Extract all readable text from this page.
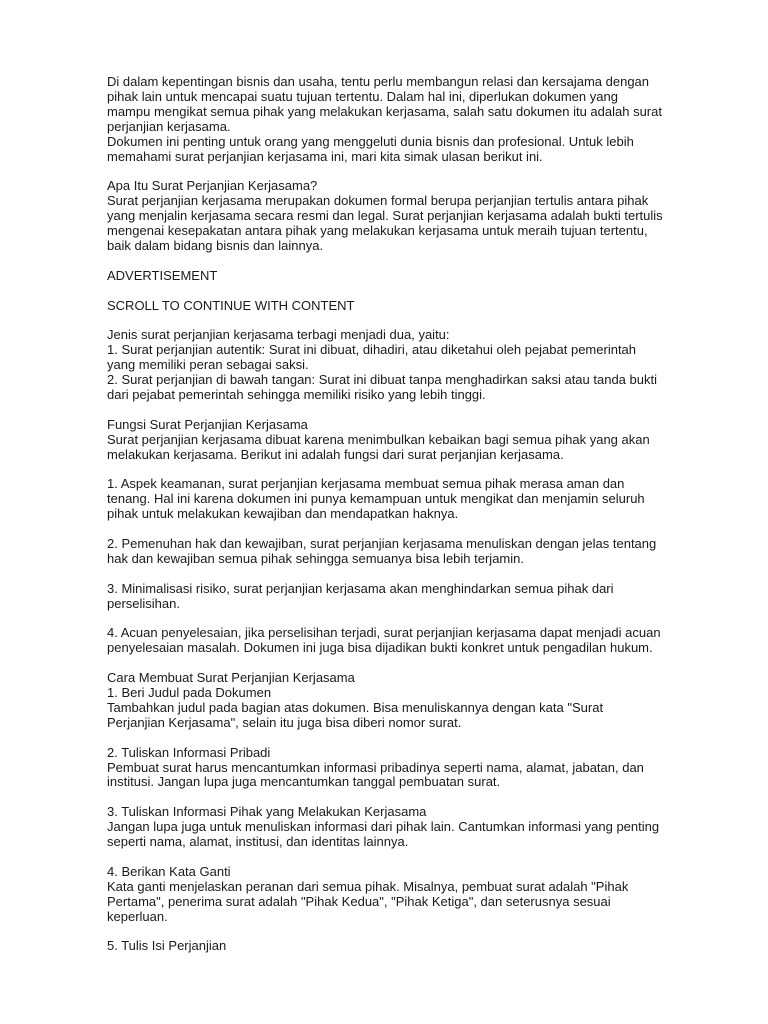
Di dalam kepentingan bisnis dan usaha, tentu perlu membangun relasi dan kersajama dengan
pihak lain untuk mencapai suatu tujuan tertentu. Dalam hal ini, diperlukan dokumen yang
mampu mengikat semua pihak yang melakukan kerjasama, salah satu dokumen itu adalah surat
perjanjian kerjasama.
Dokumen ini penting untuk orang yang menggeluti dunia bisnis dan profesional. Untuk lebih
memahami surat perjanjian kerjasama ini, mari kita simak ulasan berikut ini.
Apa Itu Surat Perjanjian Kerjasama?
Surat perjanjian kerjasama merupakan dokumen formal berupa perjanjian tertulis antara pihak
yang menjalin kerjasama secara resmi dan legal. Surat perjanjian kerjasama adalah bukti tertulis
mengenai kesepakatan antara pihak yang melakukan kerjasama untuk meraih tujuan tertentu,
baik dalam bidang bisnis dan lainnya.
ADVERTISEMENT
SCROLL TO CONTINUE WITH CONTENT
Jenis surat perjanjian kerjasama terbagi menjadi dua, yaitu:
1. Surat perjanjian autentik: Surat ini dibuat, dihadiri, atau diketahui oleh pejabat pemerintah
yang memiliki peran sebagai saksi.
2. Surat perjanjian di bawah tangan: Surat ini dibuat tanpa menghadirkan saksi atau tanda bukti
dari pejabat pemerintah sehingga memiliki risiko yang lebih tinggi.
Fungsi Surat Perjanjian Kerjasama
Surat perjanjian kerjasama dibuat karena menimbulkan kebaikan bagi semua pihak yang akan
melakukan kerjasama. Berikut ini adalah fungsi dari surat perjanjian kerjasama.
1. Aspek keamanan, surat perjanjian kerjasama membuat semua pihak merasa aman dan
tenang. Hal ini karena dokumen ini punya kemampuan untuk mengikat dan menjamin seluruh
pihak untuk melakukan kewajiban dan mendapatkan haknya.
2. Pemenuhan hak dan kewajiban, surat perjanjian kerjasama menuliskan dengan jelas tentang
hak dan kewajiban semua pihak sehingga semuanya bisa lebih terjamin.
3. Minimalisasi risiko, surat perjanjian kerjasama akan menghindarkan semua pihak dari
perselisihan.
4. Acuan penyelesaian, jika perselisihan terjadi, surat perjanjian kerjasama dapat menjadi acuan
penyelesaian masalah. Dokumen ini juga bisa dijadikan bukti konkret untuk pengadilan hukum.
Cara Membuat Surat Perjanjian Kerjasama
1. Beri Judul pada Dokumen
Tambahkan judul pada bagian atas dokumen. Bisa menuliskannya dengan kata "Surat
Perjanjian Kerjasama", selain itu juga bisa diberi nomor surat.
2. Tuliskan Informasi Pribadi
Pembuat surat harus mencantumkan informasi pribadinya seperti nama, alamat, jabatan, dan
institusi. Jangan lupa juga mencantumkan tanggal pembuatan surat.
3. Tuliskan Informasi Pihak yang Melakukan Kerjasama
Jangan lupa juga untuk menuliskan informasi dari pihak lain. Cantumkan informasi yang penting
seperti nama, alamat, institusi, dan identitas lainnya.
4. Berikan Kata Ganti
Kata ganti menjelaskan peranan dari semua pihak. Misalnya, pembuat surat adalah "Pihak
Pertama", penerima surat adalah "Pihak Kedua", "Pihak Ketiga", dan seterusnya sesuai
keperluan.
5. Tulis Isi Perjanjian
